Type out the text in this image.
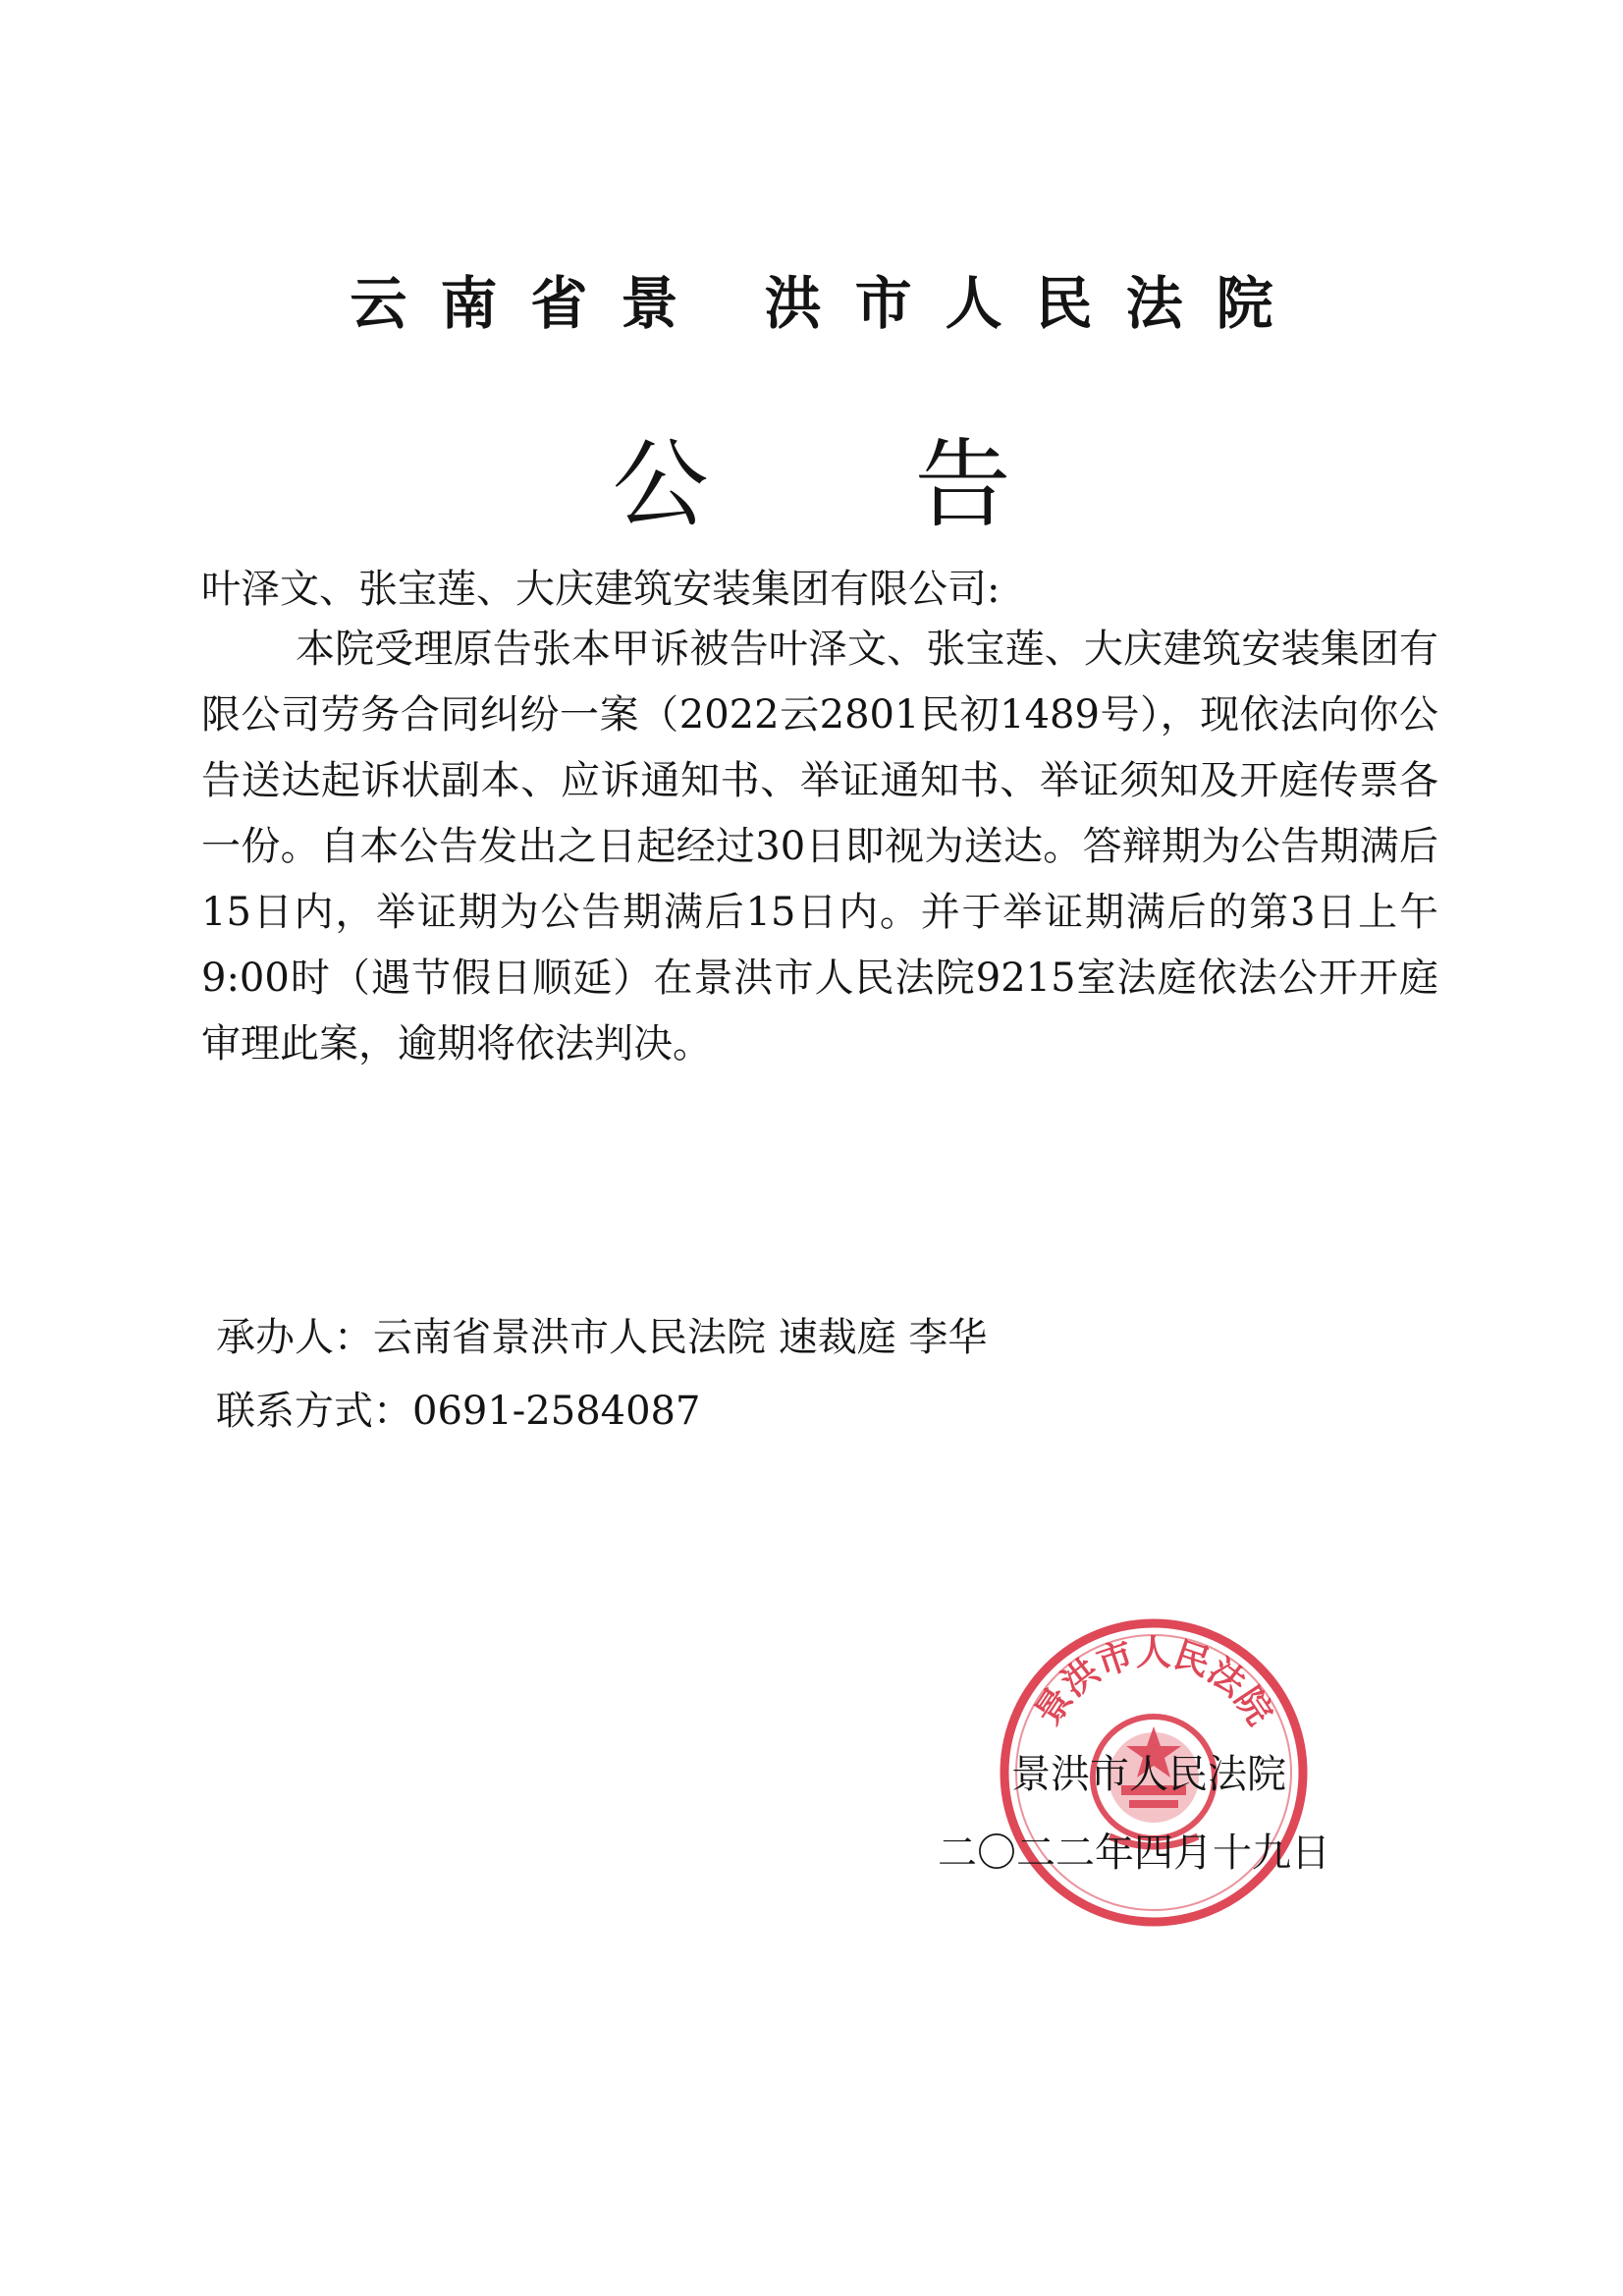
云南省景 洪市人民法院
公告
叶泽文、张宝莲、大庆建筑安装集团有限公司:
本院受理原告张本甲诉被告叶泽文、张宝莲、大庆建筑安装集团有限公司劳务合同纠纷一案（2022云2801民初1489号），现依法向你公告送达起诉状副本、应诉通知书、举证通知书、举证须知及开庭传票各一份。自本公告发出之日起经过30日即视为送达。答辩期为公告期满后15日内，举证期为公告期满后15日内。并于举证期满后的第3日上午9:00时（遇节假日顺延）在景洪市人民法院9215室法庭依法公开开庭审理此案，逾期将依法判决。
承办人：云南省景洪市人民法院 速裁庭 李华
联系方式：0691-2584087
景洪市人民法院
景洪市人民法院
二〇二二年四月十九日
